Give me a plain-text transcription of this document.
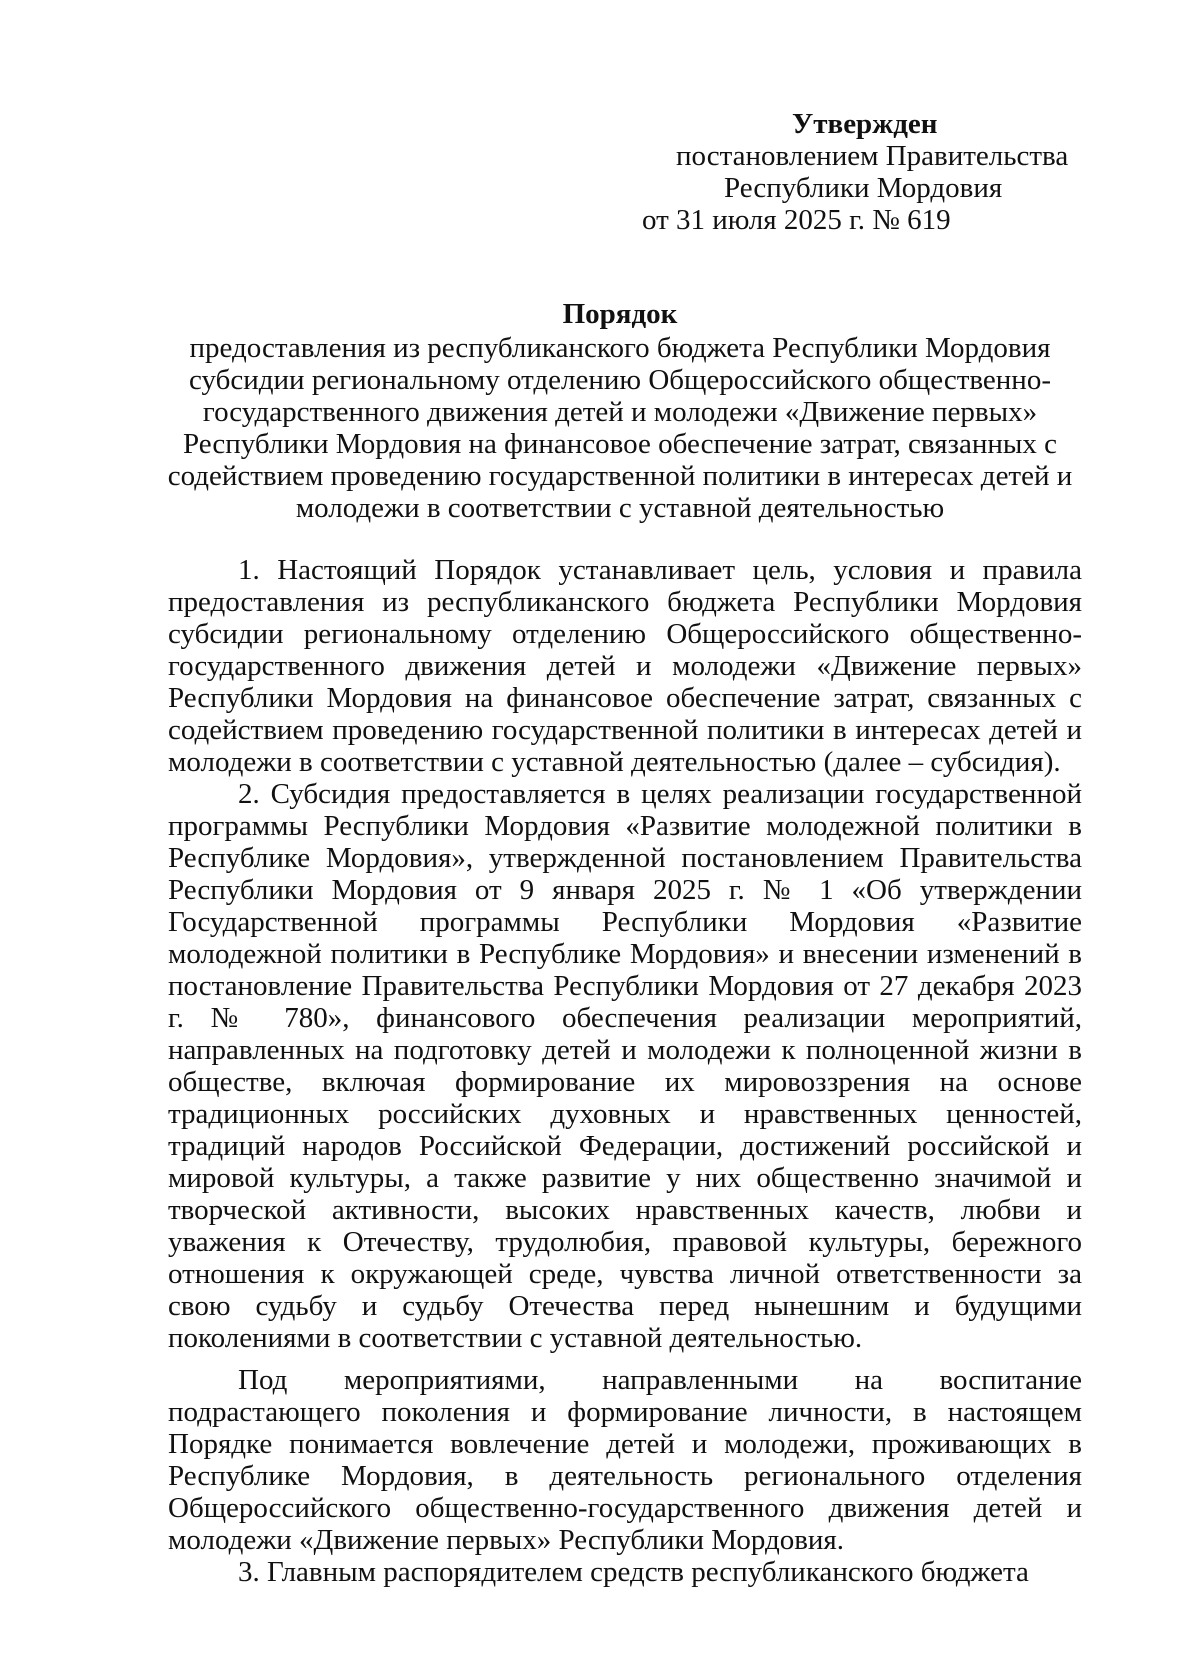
Утвержден
постановлением Правительства
Республики Мордовия
от 31 июля 2025 г. № 619
Порядок
предоставления из республиканского бюджета Республики Мордовия
субсидии региональному отделению Общероссийского общественно-
государственного движения детей и молодежи «Движение первых»
Республики Мордовия на финансовое обеспечение затрат, связанных с
содействием проведению государственной политики в интересах детей и
молодежи в соответствии с уставной деятельностью

1. Настоящий Порядок устанавливает цель, условия и правила предоставления из республиканского бюджета Республики Мордовия субсидии региональному отделению Общероссийского общественно-государственного движения детей и молодежи «Движение первых» Республики Мордовия на финансовое обеспечение затрат, связанных с содействием проведению государственной политики в интересах детей и молодежи в соответствии с уставной деятельностью (далее – субсидия).

2. Субсидия предоставляется в целях реализации государственной программы Республики Мордовия «Развитие молодежной политики в Республике Мордовия», утвержденной постановлением Правительства Республики Мордовия от 9 января 2025 г. № 1 «Об утверждении Государственной программы Республики Мордовия «Развитие молодежной политики в Республике Мордовия» и внесении изменений в постановление Правительства Республики Мордовия от 27 декабря 2023 г. № 780», финансового обеспечения реализации мероприятий, направленных на подготовку детей и молодежи к полноценной жизни в обществе, включая формирование их мировоззрения на основе традиционных российских духовных и нравственных ценностей, традиций народов Российской Федерации, достижений российской и мировой культуры, а также развитие у них общественно значимой и творческой активности, высоких нравственных качеств, любви и уважения к Отечеству, трудолюбия, правовой культуры, бережного отношения к окружающей среде, чувства личной ответственности за свою судьбу и судьбу Отечества перед нынешним и будущими поколениями в соответствии с уставной деятельностью.

Под мероприятиями, направленными на воспитание подрастающего поколения и формирование личности, в настоящем Порядке понимается вовлечение детей и молодежи, проживающих в Республике Мордовия, в деятельность регионального отделения Общероссийского общественно-государственного движения детей и молодежи «Движение первых» Республики Мордовия.

3. Главным распорядителем средств республиканского бюджета
